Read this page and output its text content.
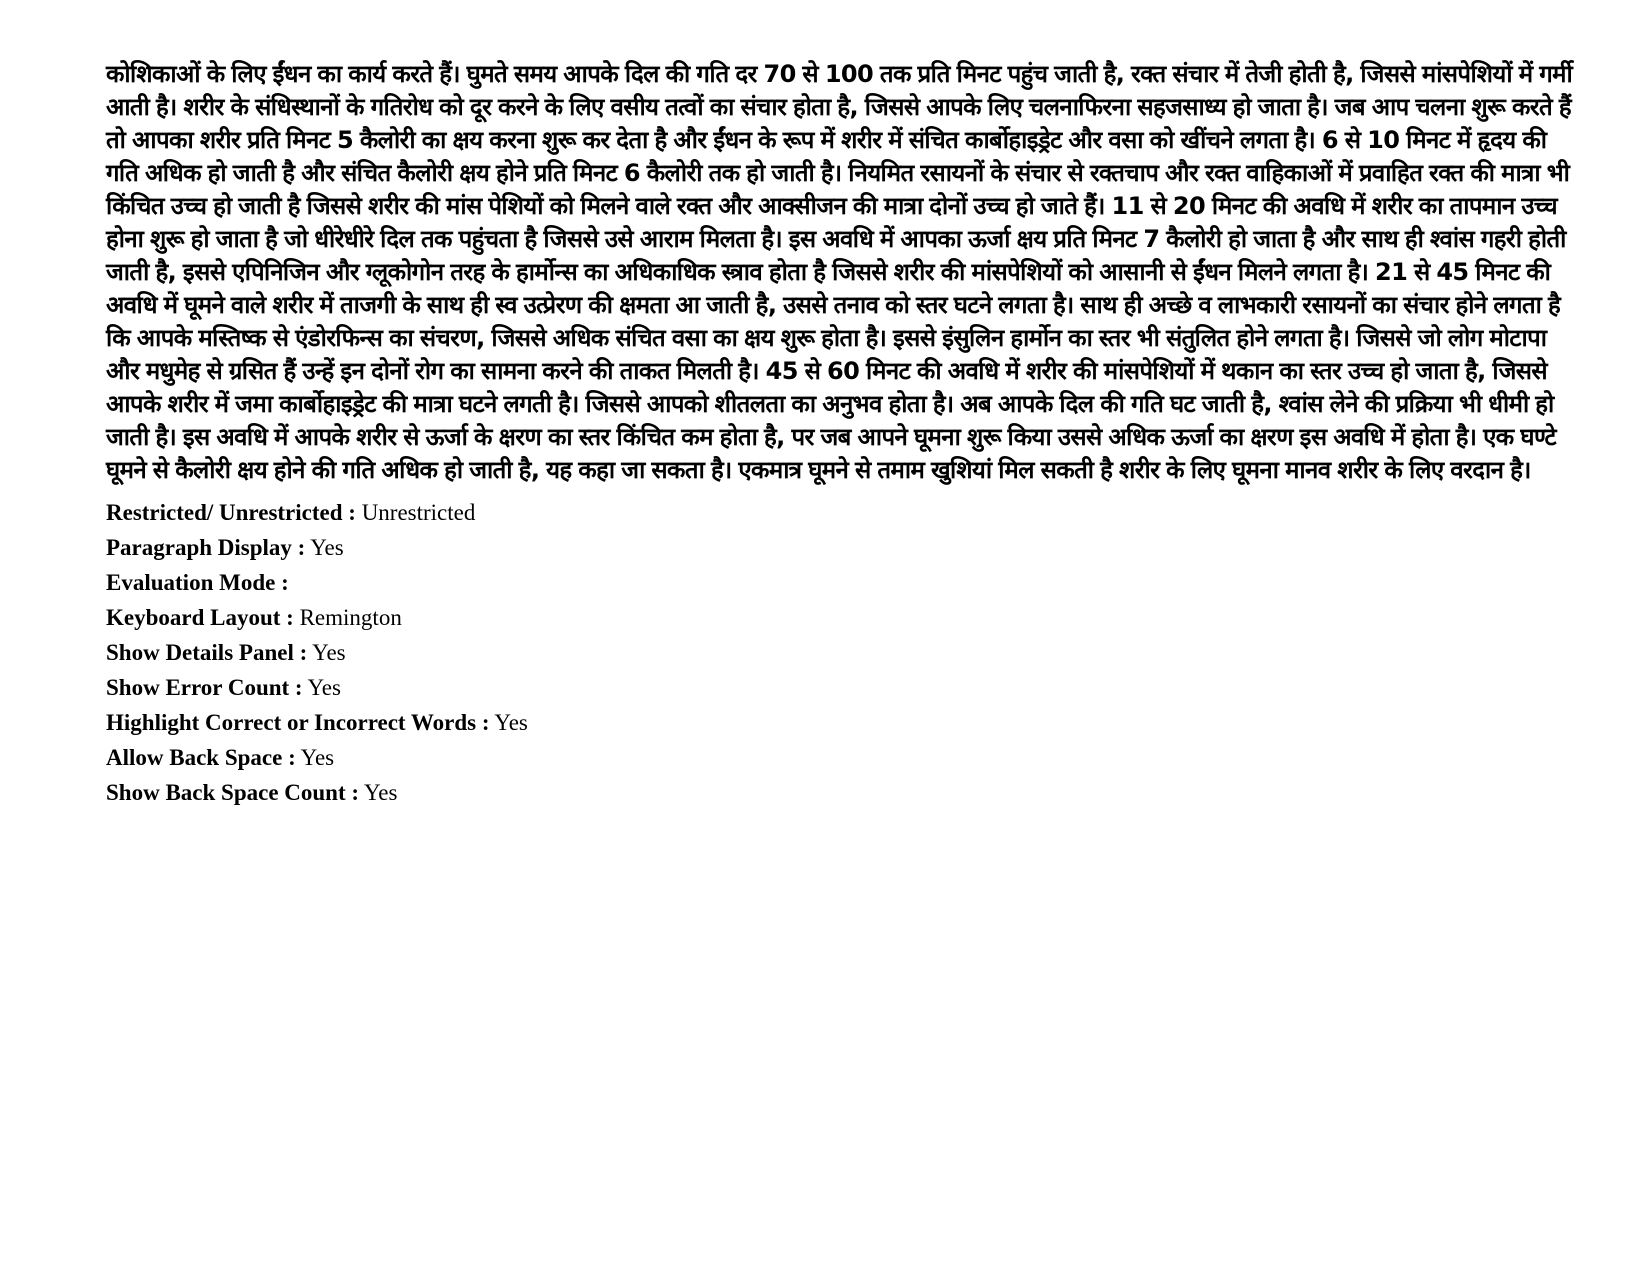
कोशिकाओं के लिए ईंधन का कार्य करते हैं। घुमते समय आपके दिल की गति दर 70 से 100 तक प्रति मिनट पहुंच जाती है, रक्त संचार में तेजी होती है, जिससे मांसपेशियों में गर्मी आती है। शरीर के संधिस्थानों के गतिरोध को दूर करने के लिए वसीय तत्वों का संचार होता है, जिससे आपके लिए चलनाफिरना सहजसाध्य हो जाता है। जब आप चलना शुरू करते हैं तो आपका शरीर प्रति मिनट 5 कैलोरी का क्षय करना शुरू कर देता है और ईंधन के रूप में शरीर में संचित कार्बोहाइड्रेट और वसा को खींचने लगता है। 6 से 10 मिनट में हृदय की गति अधिक हो जाती है और संचित कैलोरी क्षय होने प्रति मिनट 6 कैलोरी तक हो जाती है। नियमित रसायनों के संचार से रक्तचाप और रक्त वाहिकाओं में प्रवाहित रक्त की मात्रा भी किंचित उच्च हो जाती है जिससे शरीर की मांस पेशियों को मिलने वाले रक्त और आक्सीजन की मात्रा दोनों उच्च हो जाते हैं। 11 से 20 मिनट की अवधि में शरीर का तापमान उच्च होना शुरू हो जाता है जो धीरेधीरे दिल तक पहुंचता है जिससे उसे आराम मिलता है। इस अवधि में आपका ऊर्जा क्षय प्रति मिनट 7 कैलोरी हो जाता है और साथ ही श्वांस गहरी होती जाती है, इससे एपिनिजिन और ग्लूकोगोन तरह के हार्मोन्स का अधिकाधिक स्त्राव होता है जिससे शरीर की मांसपेशियों को आसानी से ईंधन मिलने लगता है। 21 से 45 मिनट की अवधि में घूमने वाले शरीर में ताजगी के साथ ही स्व उत्प्रेरण की क्षमता आ जाती है, उससे तनाव को स्तर घटने लगता है। साथ ही अच्छे व लाभकारी रसायनों का संचार होने लगता है कि आपके मस्तिष्क से एंडोरफिन्स का संचरण, जिससे अधिक संचित वसा का क्षय शुरू होता है। इससे इंसुलिन हार्मोन का स्तर भी संतुलित होने लगता है। जिससे जो लोग मोटापा और मधुमेह से ग्रसित हैं उन्हें इन दोनों रोग का सामना करने की ताकत मिलती है। 45 से 60 मिनट की अवधि में शरीर की मांसपेशियों में थकान का स्तर उच्च हो जाता है, जिससे आपके शरीर में जमा कार्बोहाइड्रेट की मात्रा घटने लगती है। जिससे आपको शीतलता का अनुभव होता है। अब आपके दिल की गति घट जाती है, श्वांस लेने की प्रक्रिया भी धीमी हो जाती है। इस अवधि में आपके शरीर से ऊर्जा के क्षरण का स्तर किंचित कम होता है, पर जब आपने घूमना शुरू किया उससे अधिक ऊर्जा का क्षरण इस अवधि में होता है। एक घण्टे घूमने से कैलोरी क्षय होने की गति अधिक हो जाती है, यह कहा जा सकता है। एकमात्र घूमने से तमाम खुशियां मिल सकती है शरीर के लिए घूमना मानव शरीर के लिए वरदान है।

Restricted/ Unrestricted : Unrestricted
Paragraph Display : Yes
Evaluation Mode :
Keyboard Layout : Remington
Show Details Panel : Yes
Show Error Count : Yes
Highlight Correct or Incorrect Words : Yes
Allow Back Space : Yes
Show Back Space Count : Yes
